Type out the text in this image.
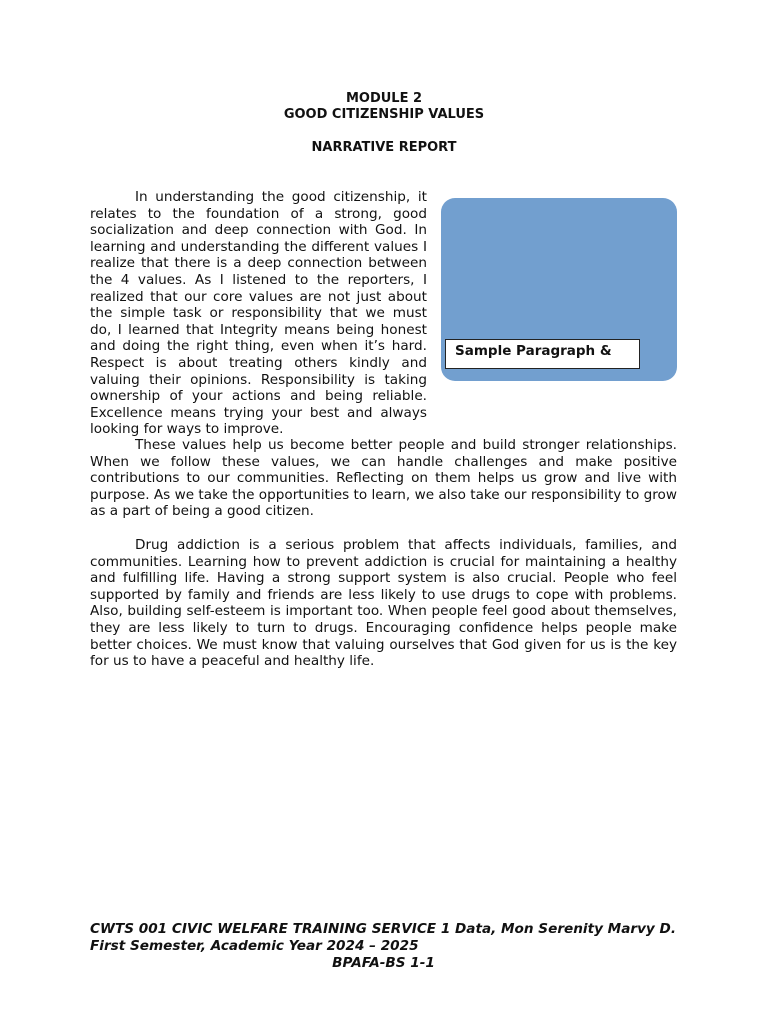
MODULE 2
GOOD CITIZENSHIP VALUES
NARRATIVE REPORT

In understanding the good citizenship, it relates to the foundation of a strong, good socialization and deep connection with God. In learning and understanding the different values I realize that there is a deep connection between the 4 values. As I listened to the reporters, I realized that our core values are not just about the simple task or responsibility that we must do, I learned that Integrity means being honest and doing the right thing, even when it’s hard. Respect is about treating others kindly and valuing their opinions. Responsibility is taking ownership of your actions and being reliable. Excellence means trying your best and always looking for ways to improve.

Sample Paragraph &

These values help us become better people and build stronger relationships. When we follow these values, we can handle challenges and make positive contributions to our communities. Reflecting on them helps us grow and live with purpose. As we take the opportunities to learn, we also take our responsibility to grow as a part of being a good citizen.

Drug addiction is a serious problem that affects individuals, families, and communities. Learning how to prevent addiction is crucial for maintaining a healthy and fulfilling life. Having a strong support system is also crucial. People who feel supported by family and friends are less likely to use drugs to cope with problems. Also, building self-esteem is important too. When people feel good about themselves, they are less likely to turn to drugs. Encouraging confidence helps people make better choices. We must know that valuing ourselves that God given for us is the key for us to have a peaceful and healthy life.

CWTS 001 CIVIC WELFARE TRAINING SERVICE 1 Data, Mon Serenity Marvy D.
First Semester, Academic Year 2024 – 2025
BPAFA-BS 1-1
